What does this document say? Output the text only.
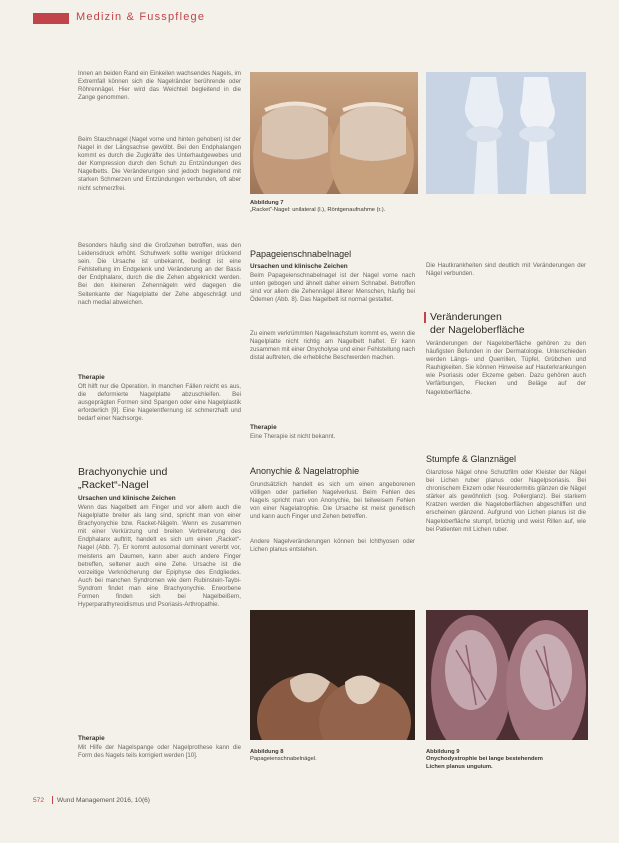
Medizin & Fusspflege
Innen an beiden Rand ein Einkeilen wachsendes Nagels, im Extremfall können sich die Nagelränder berührende oder Röhrennägel. Hier wird das Weichteil begleitend in die Zange genommen.
Beim Stauchnagel (Nagel vorne und hinten gehoben) ist der Nagel in der Längsachse gewölbt. Bei den Endphalangen kommt es durch die Zugkräfte des Unterhautgewebes und der Kompression durch den Schuh zu Entzündungen des Nagelbetts. Die Veränderungen sind jedoch begleitend mit starken Schmerzen und Entzündungen verbunden, oft aber nicht schmerzfrei.
Besonders häufig sind die Großzehen betroffen, was den Leidensdruck erhöht. Schuhwerk sollte weniger drückend sein. Die Ursache ist unbekannt, bedingt ist eine Fehlstellung im Endgelenk und Veränderung an der Basis der Endphalanx, durch die die Zehen abgeknickt werden. Bei den kleineren Zehennägeln wird dagegen die Seitenkante der Nagelplatte der Zehe abgeschrägt und nach medial abweichen.
Therapie
Oft hilft nur die Operation. In manchen Fällen reicht es aus, die deformierte Nagelplatte abzuschleifen. Bei ausgeprägten Formen sind Spangen oder eine Nagelplastik erforderlich [9]. Eine Nagelentfernung ist schmerzhaft und bedarf einer Nachsorge.
Brachyonychie und
„Racket“-Nagel
Ursachen und klinische Zeichen
Wenn das Nagelbett am Finger und vor allem auch die Nagelplatte breiter als lang sind, spricht man von einer Brachyonychie bzw. Racket-Nägeln. Wenn es zusammen mit einer Verkürzung und breiten Verbreiterung des Endphalanx auftritt, handelt es sich um einen „Racket“-Nagel (Abb. 7). Er kommt autosomal dominant vererbt vor, meistens am Daumen, kann aber auch andere Finger betreffen, seltener auch eine Zehe. Ursache ist die vorzeitige Verknöcherung der Epiphyse des Endgliedes. Auch bei manchen Syndromen wie dem Rubinstein-Taybi-Syndrom findet man eine Brachyonychie. Erworbene Formen finden sich bei Nagelbeißern, Hyperparathyreoidismus und Psoriasis-Arthropathie.
Therapie
Mit Hilfe der Nagelspange oder Nagelprothese kann die Form des Nagels teils korrigiert werden [10].
Abbildung 7
„Racket“-Nagel: unilateral (l.), Röntgenaufnahme (r.).
Papageienschnabelnagel
Ursachen und klinische Zeichen
Beim Papageienschnabelnagel ist der Nagel vorne nach unten gebogen und ähnelt daher einem Schnabel. Betroffen sind vor allem die Zehennägel älterer Menschen, häufig bei Ödemen (Abb. 8). Das Nagelbett ist normal gestaltet.
Zu einem verkrümmten Nagelwachstum kommt es, wenn die Nagelplatte nicht richtig am Nagelbett haftet. Er kann zusammen mit einer Onycholyse und einer Fehlstellung nach distal auftreten, die erhebliche Beschwerden machen.
Therapie
Eine Therapie ist nicht bekannt.
Anonychie & Nagelatrophie
Grundsätzlich handelt es sich um einen angeborenen völligen oder partiellen Nagelverlust. Beim Fehlen des Nagels spricht man von Anonychie, bei teilweisem Fehlen von einer Nagelatrophie. Die Ursache ist meist genetisch und kann auch Finger und Zehen betreffen.
Andere Nagelveränderungen können bei Ichthyosen oder Lichen planus entstehen.
Die Hautkrankheiten sind deutlich mit Veränderungen der Nägel verbunden.
Veränderungen
der Nageloberfläche
Veränderungen der Nageloberfläche gehören zu den häufigsten Befunden in der Dermatologie. Unterschieden werden Längs- und Querrillen, Tüpfel, Grübchen und Rauhigkeiten. Sie können Hinweise auf Hauterkrankungen wie Psoriasis oder Ekzeme geben. Dazu gehören auch Verfärbungen, Flecken und Beläge auf der Nageloberfläche.
Stumpfe & Glanznägel
Glanzlose Nägel ohne Schutzfilm oder Kleister der Nägel bei Lichen ruber planus oder Nagelpsoriasis. Bei chronischem Ekzem oder Neurodermitis glänzen die Nägel stärker als gewöhnlich (sog. Polierglanz). Bei starkem Kratzen werden die Nageloberflächen abgeschliffen und erscheinen glänzend. Aufgrund von Lichen planus ist die Nageloberfläche stumpf, brüchig und weist Rillen auf, wie bei Patienten mit Lichen ruber.
Abbildung 8
Papageienschnabelnägel.
Abbildung 9
Onychodystrophie bei lange bestehendem
Lichen planus unguium.
572 Wund Management 2016, 10(6)
